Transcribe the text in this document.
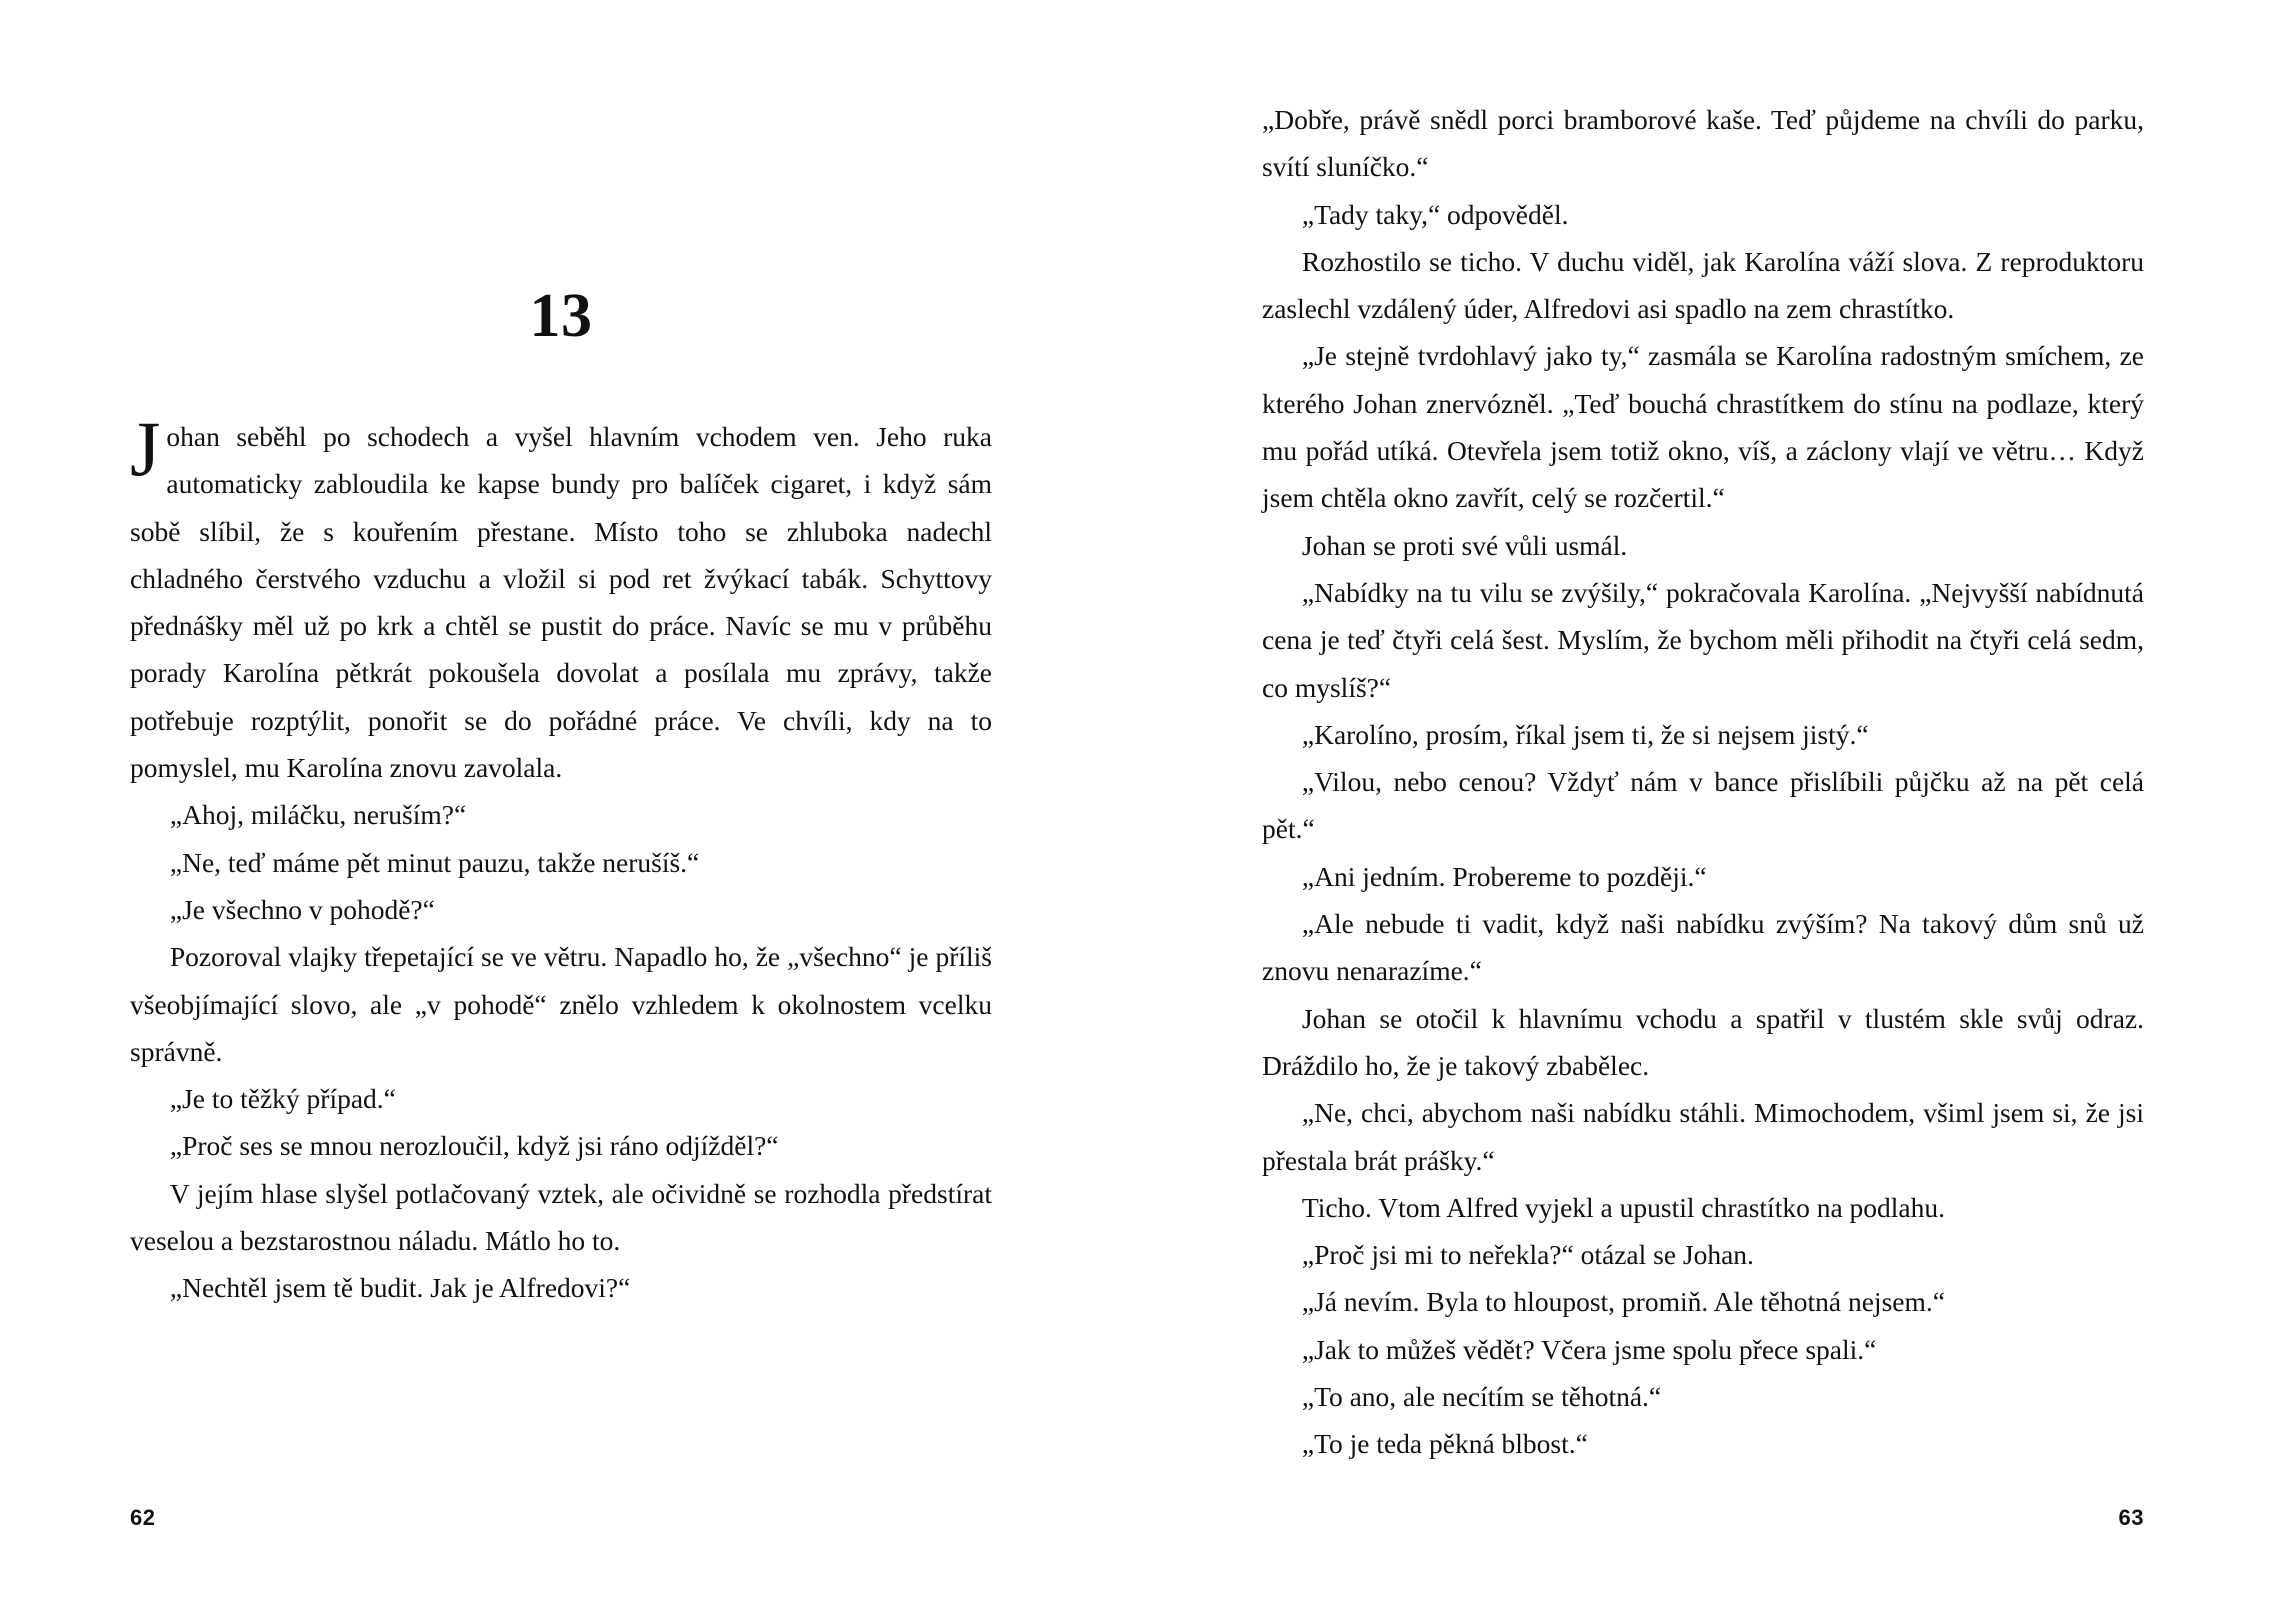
13

Johan seběhl po schodech a vyšel hlavním vchodem ven. Jeho ruka automaticky zabloudila ke kapse bundy pro balíček cigaret, i když sám sobě slíbil, že s kouřením přestane. Místo toho se zhluboka nadechl chladného čerstvého vzduchu a vložil si pod ret žvýkací tabák. Schyttovy přednášky měl už po krk a chtěl se pustit do práce. Navíc se mu v průběhu porady Karolína pětkrát pokoušela dovolat a posílala mu zprávy, takže potřebuje rozptýlit, ponořit se do pořádné práce. Ve chvíli, kdy na to pomyslel, mu Karolína znovu zavolala.

„Ahoj, miláčku, neruším?“

„Ne, teď máme pět minut pauzu, takže nerušíš.“

„Je všechno v pohodě?“

Pozoroval vlajky třepetající se ve větru. Napadlo ho, že „všechno“ je příliš všeobjímající slovo, ale „v pohodě“ znělo vzhledem k okolnostem vcelku správně.

„Je to těžký případ.“

„Proč ses se mnou nerozloučil, když jsi ráno odjížděl?“

V jejím hlase slyšel potlačovaný vztek, ale očividně se rozhodla předstírat veselou a bezstarostnou náladu. Mátlo ho to.

„Nechtěl jsem tě budit. Jak je Alfredovi?“

62

„Dobře, právě snědl porci bramborové kaše. Teď půjdeme na chvíli do parku, svítí sluníčko.“

„Tady taky,“ odpověděl.

Rozhostilo se ticho. V duchu viděl, jak Karolína váží slova. Z reproduktoru zaslechl vzdálený úder, Alfredovi asi spadlo na zem chrastítko.

„Je stejně tvrdohlavý jako ty,“ zasmála se Karolína radostným smíchem, ze kterého Johan znervózněl. „Teď bouchá chrastítkem do stínu na podlaze, který mu pořád utíká. Otevřela jsem totiž okno, víš, a záclony vlají ve větru… Když jsem chtěla okno zavřít, celý se rozčertil.“

Johan se proti své vůli usmál.

„Nabídky na tu vilu se zvýšily,“ pokračovala Karolína. „Nejvyšší nabídnutá cena je teď čtyři celá šest. Myslím, že bychom měli přihodit na čtyři celá sedm, co myslíš?“

„Karolíno, prosím, říkal jsem ti, že si nejsem jistý.“

„Vilou, nebo cenou? Vždyť nám v bance přislíbili půjčku až na pět celá pět.“

„Ani jedním. Probereme to později.“

„Ale nebude ti vadit, když naši nabídku zvýším? Na takový dům snů už znovu nenarazíme.“

Johan se otočil k hlavnímu vchodu a spatřil v tlustém skle svůj odraz. Dráždilo ho, že je takový zbabělec.

„Ne, chci, abychom naši nabídku stáhli. Mimochodem, všiml jsem si, že jsi přestala brát prášky.“

Ticho. Vtom Alfred vyjekl a upustil chrastítko na podlahu.

„Proč jsi mi to neřekla?“ otázal se Johan.

„Já nevím. Byla to hloupost, promiň. Ale těhotná nejsem.“

„Jak to můžeš vědět? Včera jsme spolu přece spali.“

„To ano, ale necítím se těhotná.“

„To je teda pěkná blbost.“

63
